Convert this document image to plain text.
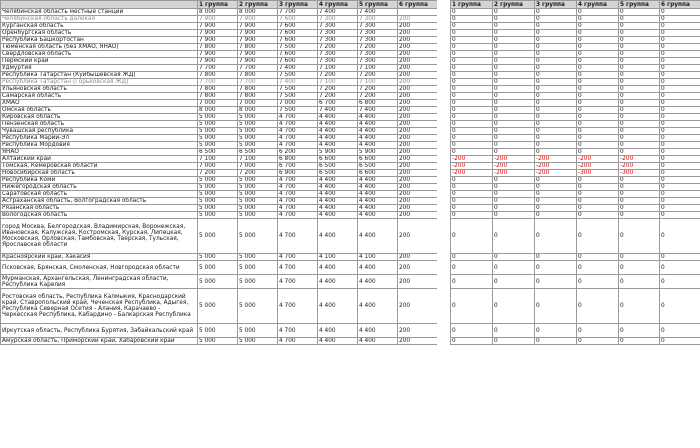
	1 группа	2 группа	3 группа	4 группа	5 группа	6 группа
Челябинская область местные станции	8 000	8 000	7 700	7 400	7 400	
Челябинская область далекая	7 900	7 900	7 600	7 300	7 300	200
Курганская область	7 900	7 900	7 600	7 300	7 300	200
Оренбургская область	7 900	7 900	7 600	7 300	7 300	200
Республика Башкортостан	7 900	7 900	7 600	7 300	7 300	200
Тюменская область (без ХМАО, ЯНАО)	7 800	7 800	7 500	7 200	7 200	200
Свердловская область	7 900	7 900	7 600	7 300	7 300	200
Пермский край	7 900	7 900	7 600	7 300	7 300	200
Удмуртия	7 700	7 700	7 400	7 100	7 100	200
Республика Татарстан (Куйбышевская ЖД)	7 800	7 800	7 500	7 200	7 200	200
Республика Татарстан (Горьковская ЖД)	7 700	7 700	7 400	7 100	7 100	200
Ульяновская область	7 800	7 800	7 500	7 200	7 200	200
Самарская область	7 800	7 800	7 500	7 200	7 200	200
ХМАО	7 000	7 000	7 000	6 700	6 800	200
Омская область	8 000	8 000	7 500	7 400	7 400	200
Кировская область	5 000	5 000	4 700	4 400	4 400	200
Пензенская область	5 000	5 000	4 700	4 400	4 400	200
Чувашская республика	5 000	5 000	4 700	4 400	4 400	200
Республика Марий-Эл	5 000	5 000	4 700	4 400	4 400	200
Республика Мордовия	5 000	5 000	4 700	4 400	4 400	200
ЯНАО	6 500	6 500	6 200	5 900	5 900	200
Алтайский край	7 100	7 100	6 800	6 600	6 600	200
Томская, Кемеровская области	7 000	7 000	6 700	6 500	6 500	200
Новосибирская область	7 200	7 200	6 900	6 500	6 600	200
Республика Коми	5 000	5 000	4 700	4 400	4 400	200
Нижегородская область	5 000	5 000	4 700	4 400	4 400	200
Саратовская область	5 000	5 000	4 700	4 400	4 400	200
Астраханская область, Волгоградская область	5 000	5 000	4 700	4 400	4 400	200
Рязанская область	5 000	5 000	4 700	4 400	4 400	200
Вологодская область	5 000	5 000	4 700	4 400	4 400	200
город Москва, Белгородская, Владимирская, Воронежская, Ивановская, Калужская, Костромская, Курская, Липецкая, Московская, Орловская, Тамбовская, Тверская, Тульская, Ярославская области	5 000	5 000	4 700	4 400	4 400	200
Красноярский край, Хакасия	5 000	5 000	4 700	4 100	4 100	200
Псковская, Брянская, Смоленская, Новгородская области	5 000	5 000	4 700	4 400	4 400	200
Мурманская, Архангельская, Ленинградская области, Республика Карелия	5 000	5 000	4 700	4 400	4 400	200
Ростовская область, Республика Калмыкия, Краснодарский край, Ставропольский край, Чеченская Республика, Адыгея, Республика Северная Осетия - Алания, Карачаево - Черкесская Республика, Кабардино - Балкарская Республика	5 000	5 000	4 700	4 400	4 400	200
Иркутская область, Республика Бурятия, Забайкальский край	5 000	5 000	4 700	4 400	4 400	200
Амурская область, Приморский край, Хабаровский край	5 000	5 000	4 700	4 400	4 400	200
1 группа	2 группа	3 группа	4 группа	5 группа	6 группа
0	0	0	0	0	0
0	0	0	0	0	0
0	0	0	0	0	0
0	0	0	0	0	0
0	0	0	0	0	0
0	0	0	0	0	0
0	0	0	0	0	0
0	0	0	0	0	0
0	0	0	0	0	0
0	0	0	0	0	0
0	0	0	0	0	0
0	0	0	0	0	0
0	0	0	0	0	0
0	0	0	0	0	0
0	0	0	0	0	0
0	0	0	0	0	0
0	0	0	0	0	0
0	0	0	0	0	0
0	0	0	0	0	0
0	0	0	0	0	0
0	0	0	0	0	0
-200	-200	-200	-200	-200	0
-200	-200	-200	-200	-200	0
-200	-200	-200	-300	-300	0
0	0	0	0	0	0
0	0	0	0	0	0
0	0	0	0	0	0
0	0	0	0	0	0
0	0	0	0	0	0
0	0	0	0	0	0
0	0	0	0	0	0
0	0	0	0	0	0
0	0	0	0	0	0
0	0	0	0	0	0
0	0	0	0	0	0
0	0	0	0	0	0
0	0	0	0	0	0
